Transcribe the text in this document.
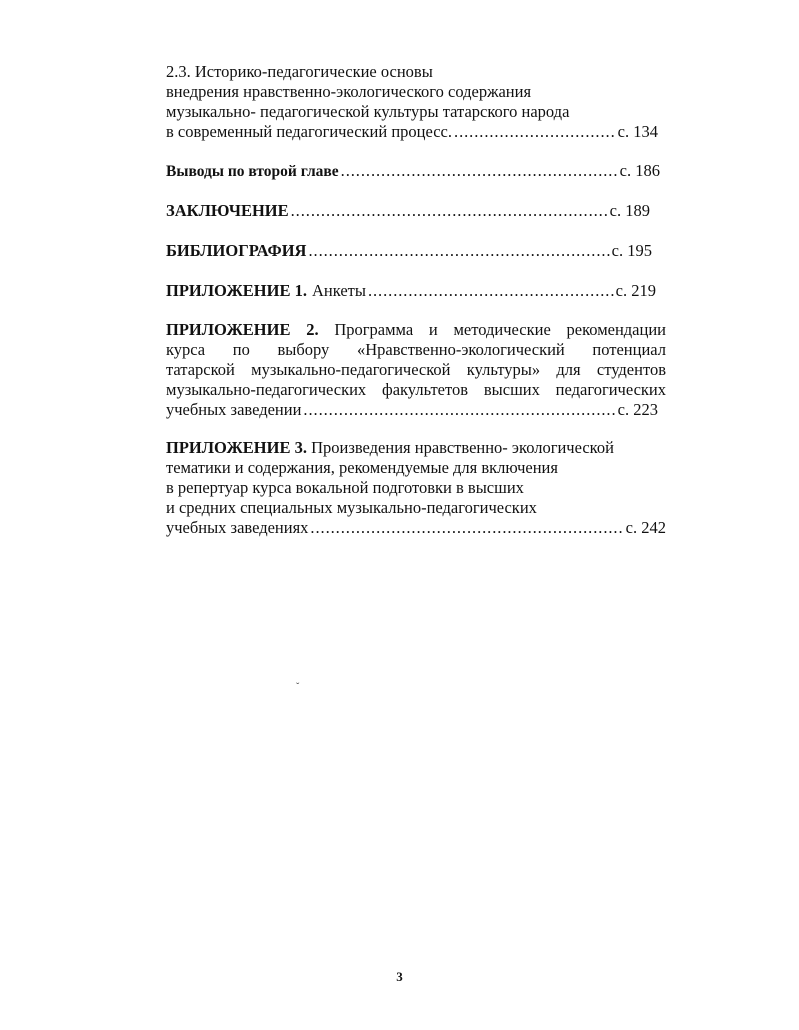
2.3. Историко-педагогические основы
внедрения нравственно-экологического содержания
музыкально- педагогической культуры татарского народа
в современный педагогический процесс. . . .	с. 134
Выводы по второй главе . . .	с. 186
ЗАКЛЮЧЕНИЕ . . .	с. 189
БИБЛИОГРАФИЯ . . .	с. 195
ПРИЛОЖЕНИЕ 1. Анкеты . . .	с. 219
ПРИЛОЖЕНИЕ 2. Программа и методические рекомендации
курса по выбору «Нравственно-экологический потенциал
татарской музыкально-педагогической культуры» для студентов
музыкально-педагогических факультетов высших педагогических
учебных заведении . . .	с. 223
ПРИЛОЖЕНИЕ 3. Произведения нравственно- экологической
тематики и содержания, рекомендуемые для включения
в репертуар курса вокальной подготовки в высших
и средних специальных музыкально-педагогических
учебных заведениях . . .	с. 242
ˇ
3
